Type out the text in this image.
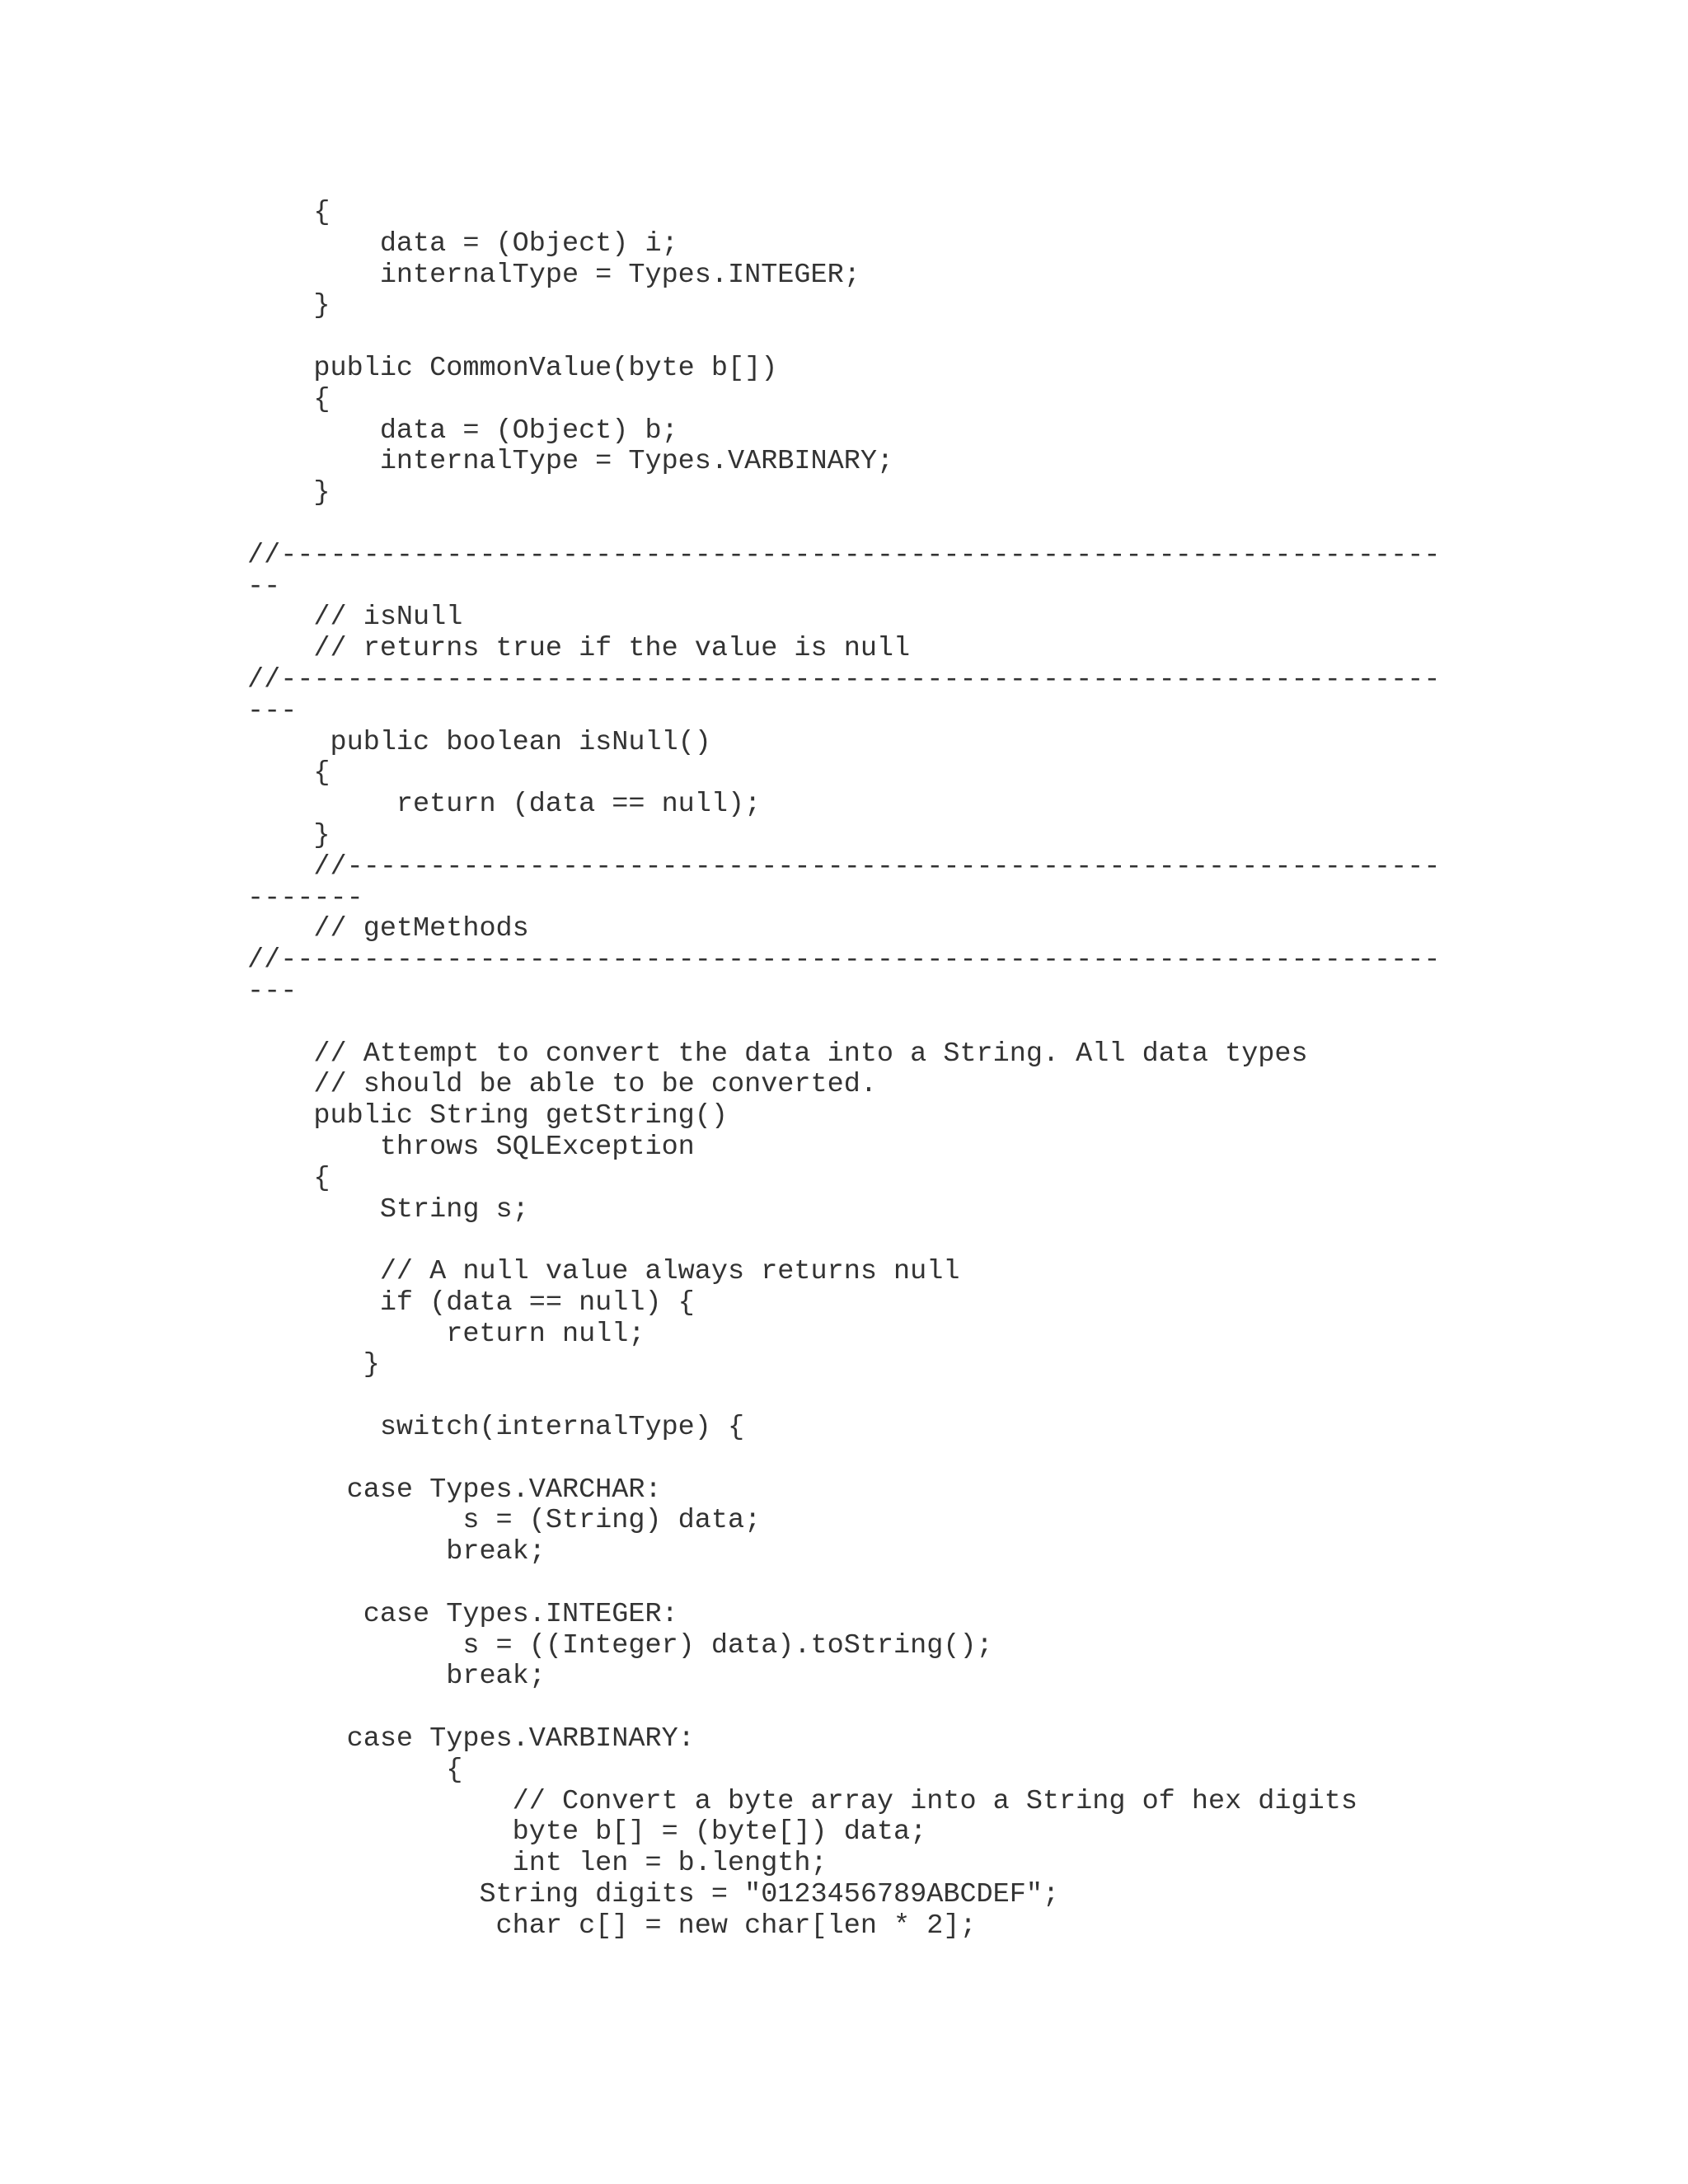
{
data = (Object) i;
internalType = Types.INTEGER;
}
public CommonValue(byte b[])
{
data = (Object) b;
internalType = Types.VARBINARY;
}
//----------------------------------------------------------------------
--
// isNull
// returns true if the value is null
//----------------------------------------------------------------------
---
public boolean isNull()
{
return (data == null);
}
//------------------------------------------------------------------
-------
// getMethods
//----------------------------------------------------------------------
---
// Attempt to convert the data into a String. All data types
// should be able to be converted.
public String getString()
throws SQLException
{
String s;
// A null value always returns null
if (data == null) {
return null;
}
switch(internalType) {
case Types.VARCHAR:
s = (String) data;
break;
case Types.INTEGER:
s = ((Integer) data).toString();
break;
case Types.VARBINARY:
{
// Convert a byte array into a String of hex digits
byte b[] = (byte[]) data;
int len = b.length;
String digits = "0123456789ABCDEF";
char c[] = new char[len * 2];
